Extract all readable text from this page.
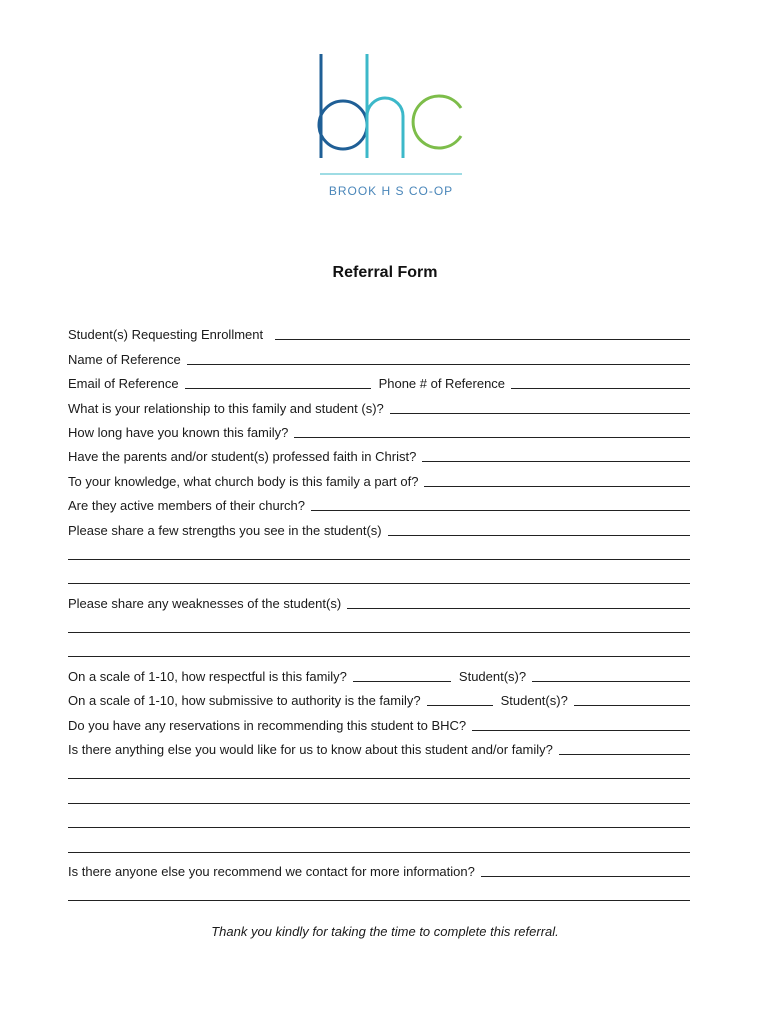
BROOK H S CO-OP
Referral Form
Student(s) Requesting Enrollment
Name of Reference
Email of Reference	Phone # of Reference
What is your relationship to this family and student (s)?
How long have you known this family?
Have the parents and/or student(s) professed faith in Christ?
To your knowledge, what church body is this family a part of?
Are they active members of their church?
Please share a few strengths you see in the student(s)
Please share any weaknesses of the student(s)
On a scale of 1-10, how respectful is this family?	Student(s)?
On a scale of 1-10, how submissive to authority is the family?	Student(s)?
Do you have any reservations in recommending this student to BHC?
Is there anything else you would like for us to know about this student and/or family?
Is there anyone else you recommend we contact for more information?
Thank you kindly for taking the time to complete this referral.
